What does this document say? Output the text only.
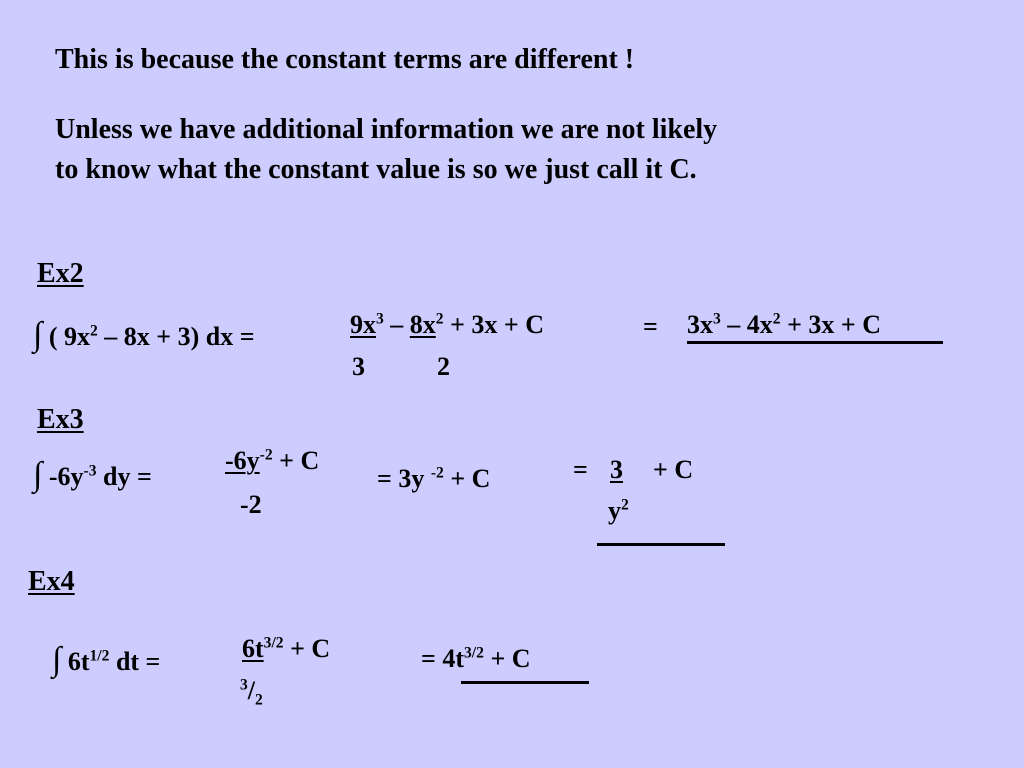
This is because the constant terms are different !
Unless we have additional information we are not likely
to know what the constant value is so we just call it C.
Ex2
∫ ( $9x^2 - 8x + 3$) dx =	$9x^3 - 8x^2 + 3x + C$
3	2
= $3x^3 - 4x^2 + 3x + C$
Ex3
∫ $-6y^{-3}$ dy =
$-6y^{-2} + C$
-2
= 3y $^{-2}$ + C	= 3 + C
$y^2$
Ex4
∫ $6t^{1/2}$ dt =	$6t^{3/2} + C$
$^3/_2$
= $4t^{3/2} + C$
